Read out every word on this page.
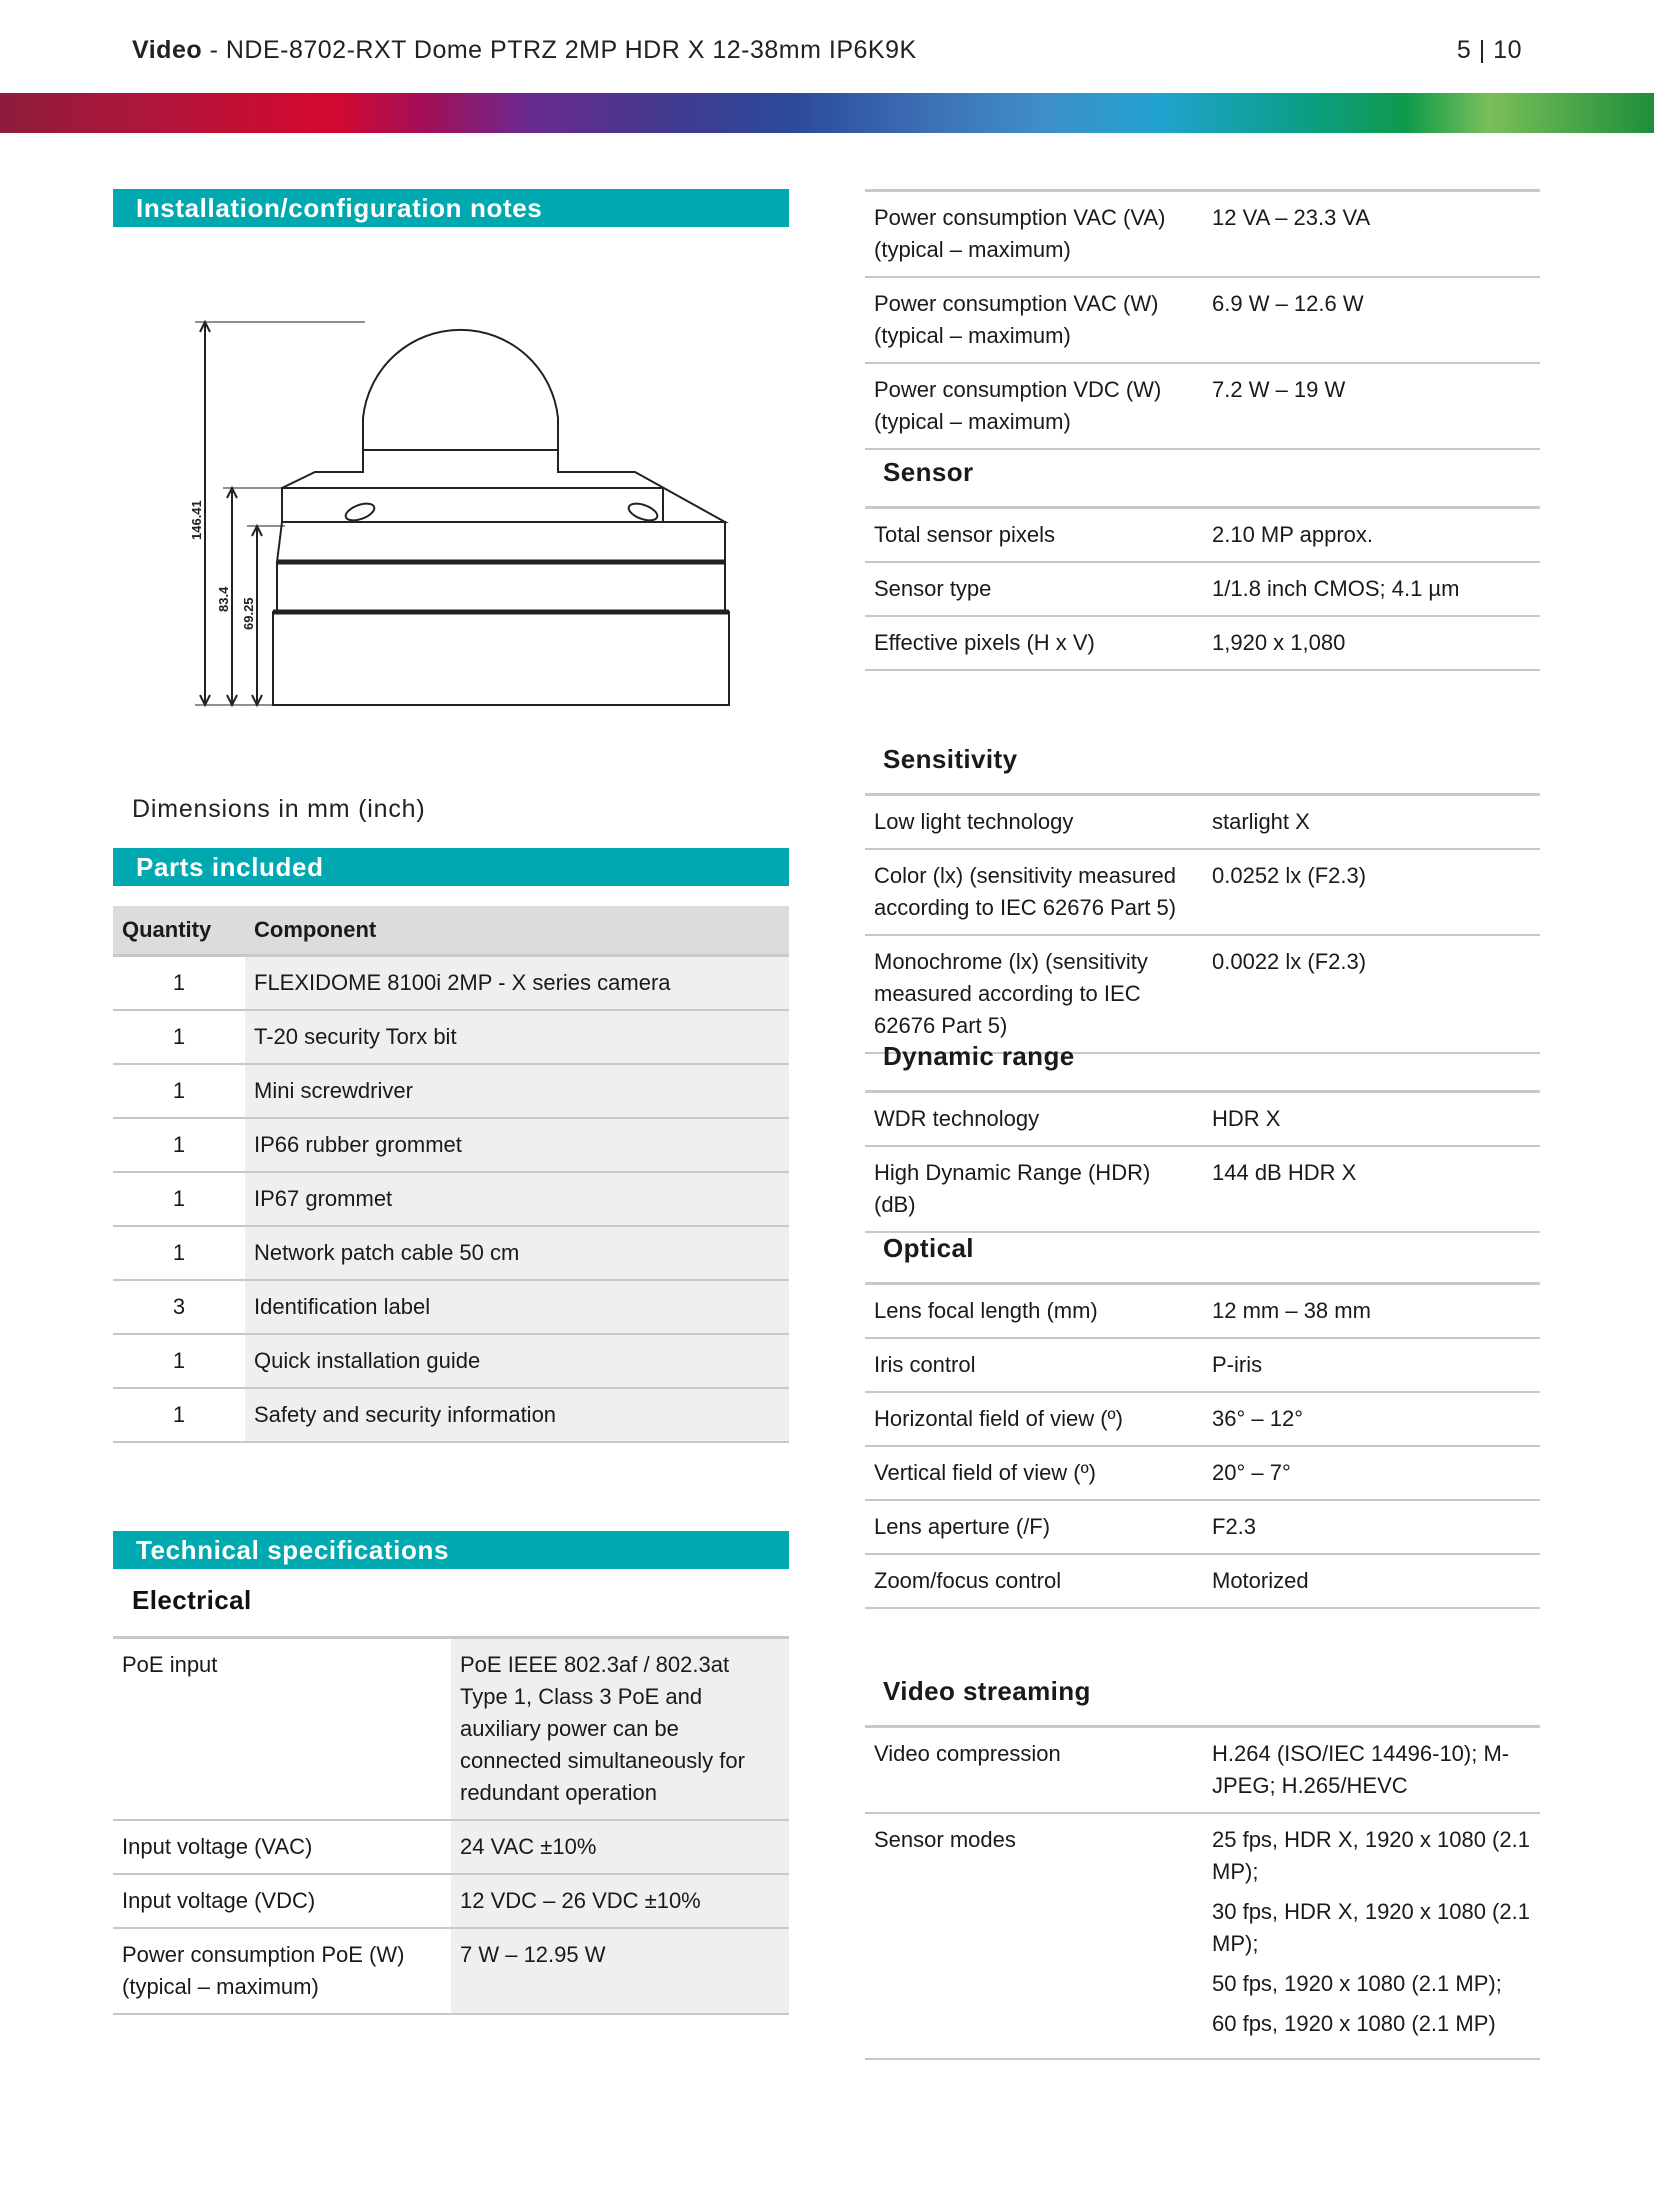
Video - NDE-8702-RXT Dome PTRZ 2MP HDR X 12-38mm IP6K9K	5 | 10
Installation/configuration notes
146.41
83.4 69.25
Dimensions in mm (inch)
Parts included
Quantity	Component
1	FLEXIDOME 8100i 2MP - X series camera
1	T-20 security Torx bit
1	Mini screwdriver
1	IP66 rubber grommet
1	IP67 grommet
1	Network patch cable 50 cm
3	Identification label
1	Quick installation guide
1	Safety and security information
Technical specifications
Electrical
PoE input	PoE IEEE 802.3af / 802.3at Type 1, Class 3 PoE and auxiliary power can be connected simultaneously for redundant operation
Input voltage (VAC)	24 VAC ±10%
Input voltage (VDC)	12 VDC – 26 VDC ±10%
Power consumption PoE (W) (typical – maximum)	7 W – 12.95 W
Power consumption VAC (VA) (typical – maximum)	12 VA – 23.3 VA
Power consumption VAC (W) (typical – maximum)	6.9 W – 12.6 W
Power consumption VDC (W) (typical – maximum)	7.2 W – 19 W
Sensor
Total sensor pixels	2.10 MP approx.
Sensor type	1/1.8 inch CMOS; 4.1 µm
Effective pixels (H x V)	1,920 x 1,080
Sensitivity
Low light technology	starlight X
Color (lx) (sensitivity measured according to IEC 62676 Part 5)	0.0252 lx (F2.3)
Monochrome (lx) (sensitivity measured according to IEC 62676 Part 5)	0.0022 lx (F2.3)
Dynamic range
WDR technology	HDR X
High Dynamic Range (HDR) (dB)	144 dB HDR X
Optical
Lens focal length (mm)	12 mm – 38 mm
Iris control	P-iris
Horizontal field of view (º)	36° – 12°
Vertical field of view (º)	20° – 7°
Lens aperture (/F)	F2.3
Zoom/focus control	Motorized
Video streaming
Video compression	H.264 (ISO/IEC 14496-10); M-JPEG; H.265/HEVC
Sensor modes	25 fps, HDR X, 1920 x 1080 (2.1 MP);
30 fps, HDR X, 1920 x 1080 (2.1 MP);
50 fps, 1920 x 1080 (2.1 MP);
60 fps, 1920 x 1080 (2.1 MP)
